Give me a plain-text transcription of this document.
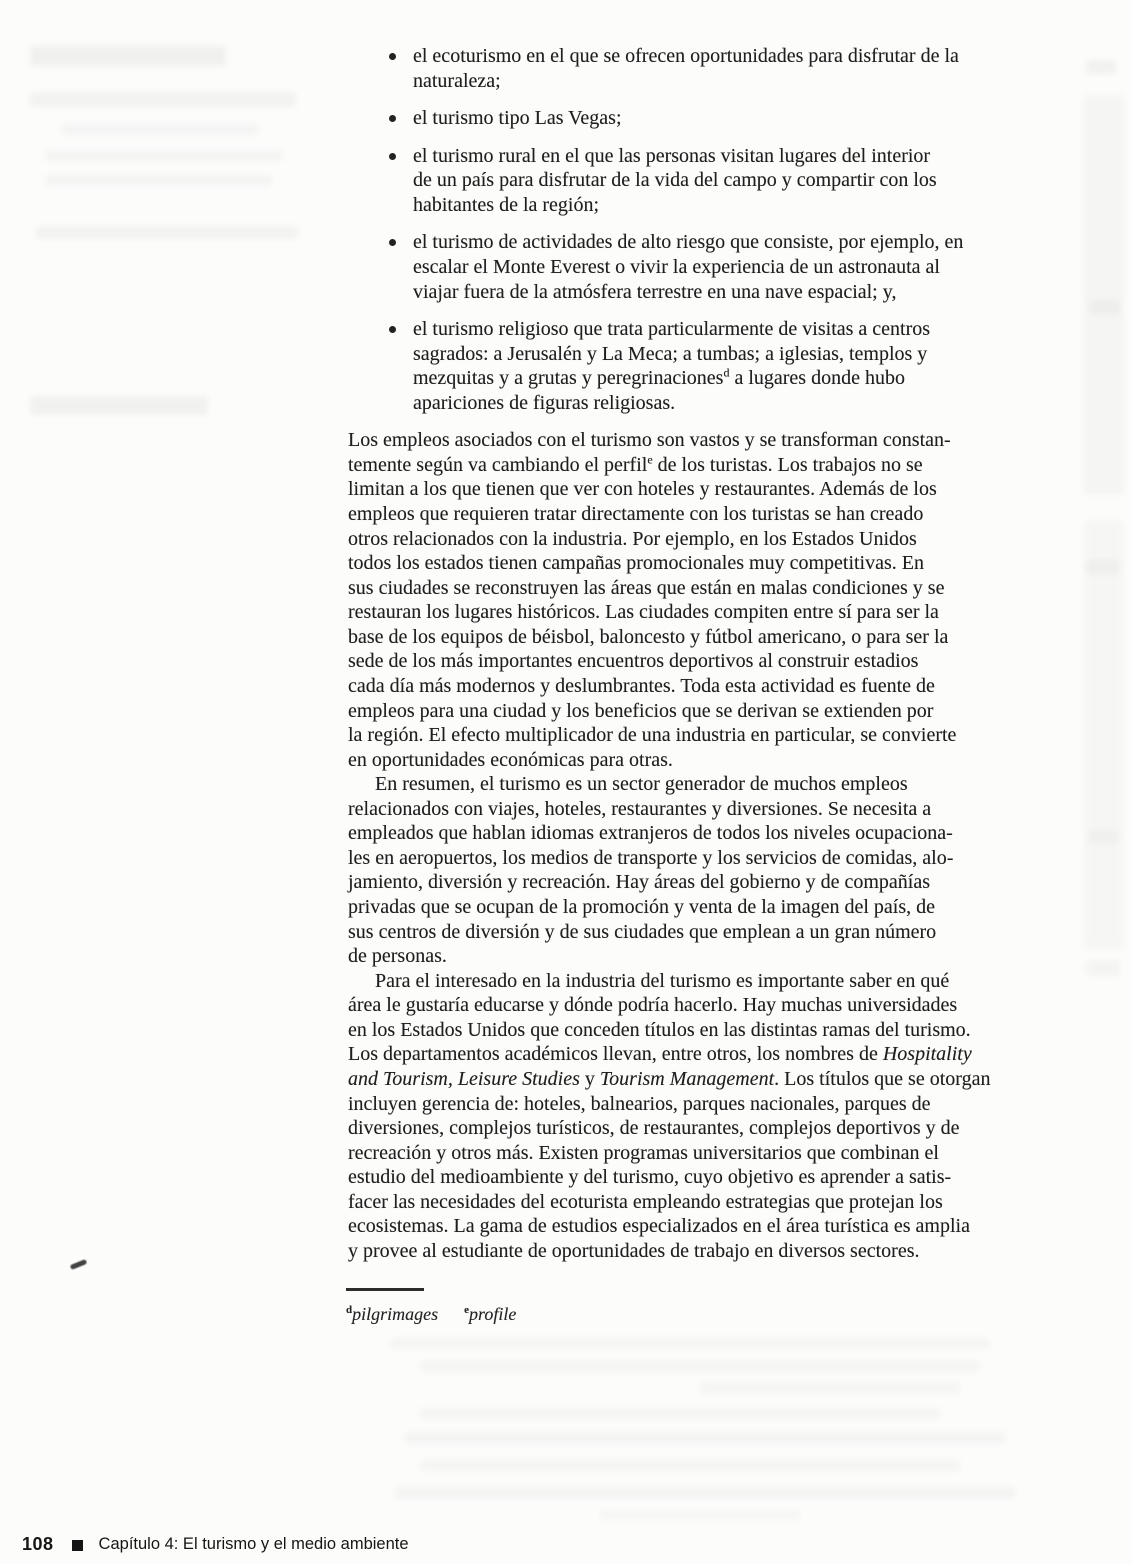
el ecoturismo en el que se ofrecen oportunidades para disfrutar de la
naturaleza;
el turismo tipo Las Vegas;
el turismo rural en el que las personas visitan lugares del interior
de un país para disfrutar de la vida del campo y compartir con los
habitantes de la región;
el turismo de actividades de alto riesgo que consiste, por ejemplo, en
escalar el Monte Everest o vivir la experiencia de un astronauta al
viajar fuera de la atmósfera terrestre en una nave espacial; y,
el turismo religioso que trata particularmente de visitas a centros
sagrados: a Jerusalén y La Meca; a tumbas; a iglesias, templos y
mezquitas y a grutas y peregrinaciones$^d$ a lugares donde hubo
apariciones de figuras religiosas.
Los empleos asociados con el turismo son vastos y se transforman constan-
temente según va cambiando el perfil$^e$ de los turistas. Los trabajos no se
limitan a los que tienen que ver con hoteles y restaurantes. Además de los
empleos que requieren tratar directamente con los turistas se han creado
otros relacionados con la industria. Por ejemplo, en los Estados Unidos
todos los estados tienen campañas promocionales muy competitivas. En
sus ciudades se reconstruyen las áreas que están en malas condiciones y se
restauran los lugares históricos. Las ciudades compiten entre sí para ser la
base de los equipos de béisbol, baloncesto y fútbol americano, o para ser la
sede de los más importantes encuentros deportivos al construir estadios
cada día más modernos y deslumbrantes. Toda esta actividad es fuente de
empleos para una ciudad y los beneficios que se derivan se extienden por
la región. El efecto multiplicador de una industria en particular, se convierte
en oportunidades económicas para otras.
En resumen, el turismo es un sector generador de muchos empleos
relacionados con viajes, hoteles, restaurantes y diversiones. Se necesita a
empleados que hablan idiomas extranjeros de todos los niveles ocupaciona-
les en aeropuertos, los medios de transporte y los servicios de comidas, alo-
jamiento, diversión y recreación. Hay áreas del gobierno y de compañías
privadas que se ocupan de la promoción y venta de la imagen del país, de
sus centros de diversión y de sus ciudades que emplean a un gran número
de personas.
Para el interesado en la industria del turismo es importante saber en qué
área le gustaría educarse y dónde podría hacerlo. Hay muchas universidades
en los Estados Unidos que conceden títulos en las distintas ramas del turismo.
Los departamentos académicos llevan, entre otros, los nombres de Hospitality
and Tourism, Leisure Studies y Tourism Management. Los títulos que se otorgan
incluyen gerencia de: hoteles, balnearios, parques nacionales, parques de
diversiones, complejos turísticos, de restaurantes, complejos deportivos y de
recreación y otros más. Existen programas universitarios que combinan el
estudio del medioambiente y del turismo, cuyo objetivo es aprender a satis-
facer las necesidades del ecoturista empleando estrategias que protejan los
ecosistemas. La gama de estudios especializados en el área turística es amplia
y provee al estudiante de oportunidades de trabajo en diversos sectores.
$^d$pilgrimages $^e$profile
108	Capítulo 4: El turismo y el medio ambiente
